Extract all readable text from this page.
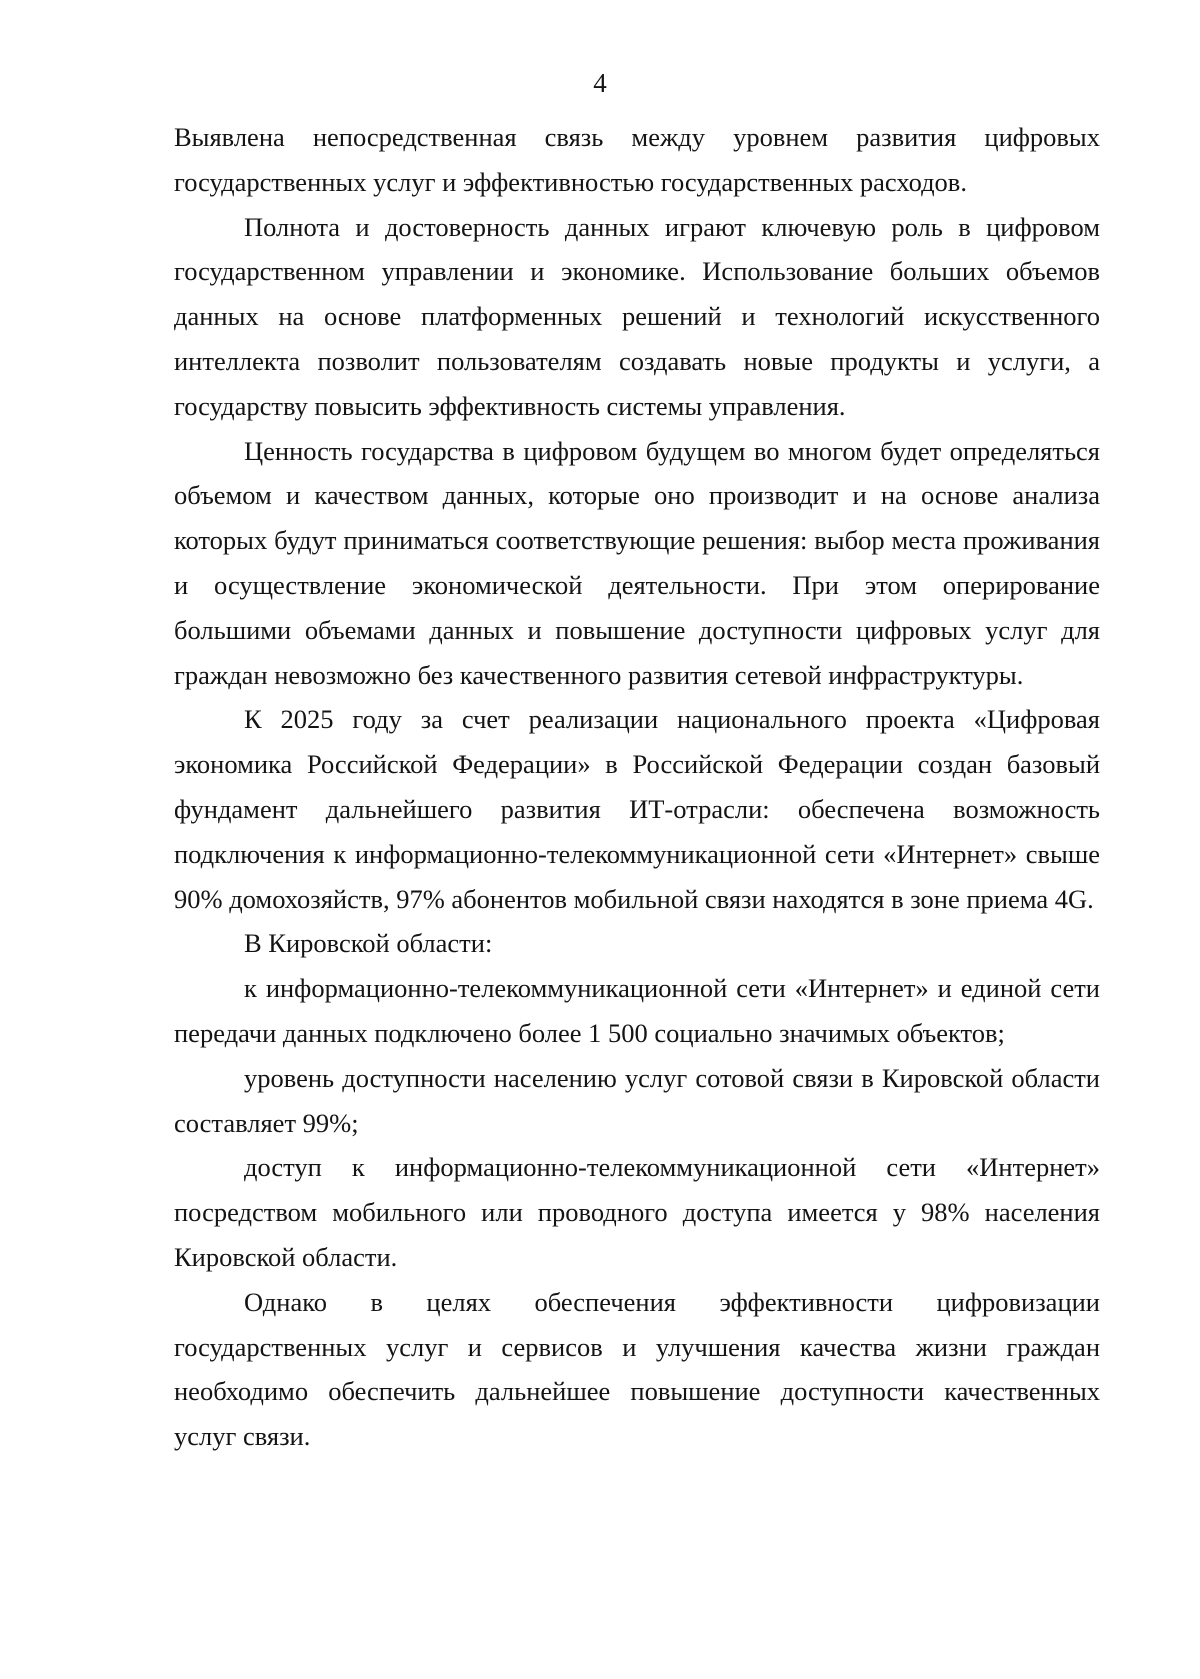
4

Выявлена непосредственная связь между уровнем развития цифровых государственных услуг и эффективностью государственных расходов.

Полнота и достоверность данных играют ключевую роль в цифровом государственном управлении и экономике. Использование больших объемов данных на основе платформенных решений и технологий искусственного интеллекта позволит пользователям создавать новые продукты и услуги, а государству повысить эффективность системы управления.

Ценность государства в цифровом будущем во многом будет определяться объемом и качеством данных, которые оно производит и на основе анализа которых будут приниматься соответствующие решения: выбор места проживания и осуществление экономической деятельности. При этом оперирование большими объемами данных и повышение доступности цифровых услуг для граждан невозможно без качественного развития сетевой инфраструктуры.

К 2025 году за счет реализации национального проекта «Цифровая экономика Российской Федерации» в Российской Федерации создан базовый фундамент дальнейшего развития ИТ-отрасли: обеспечена возможность подключения к информационно-телекоммуникационной сети «Интернет» свыше 90% домохозяйств, 97% абонентов мобильной связи находятся в зоне приема 4G.

В Кировской области:

к информационно-телекоммуникационной сети «Интернет» и единой сети передачи данных подключено более 1 500 социально значимых объектов;

уровень доступности населению услуг сотовой связи в Кировской области составляет 99%;

доступ к информационно-телекоммуникационной сети «Интернет» посредством мобильного или проводного доступа имеется у 98% населения Кировской области.

Однако в целях обеспечения эффективности цифровизации государственных услуг и сервисов и улучшения качества жизни граждан необходимо обеспечить дальнейшее повышение доступности качественных услуг связи.
